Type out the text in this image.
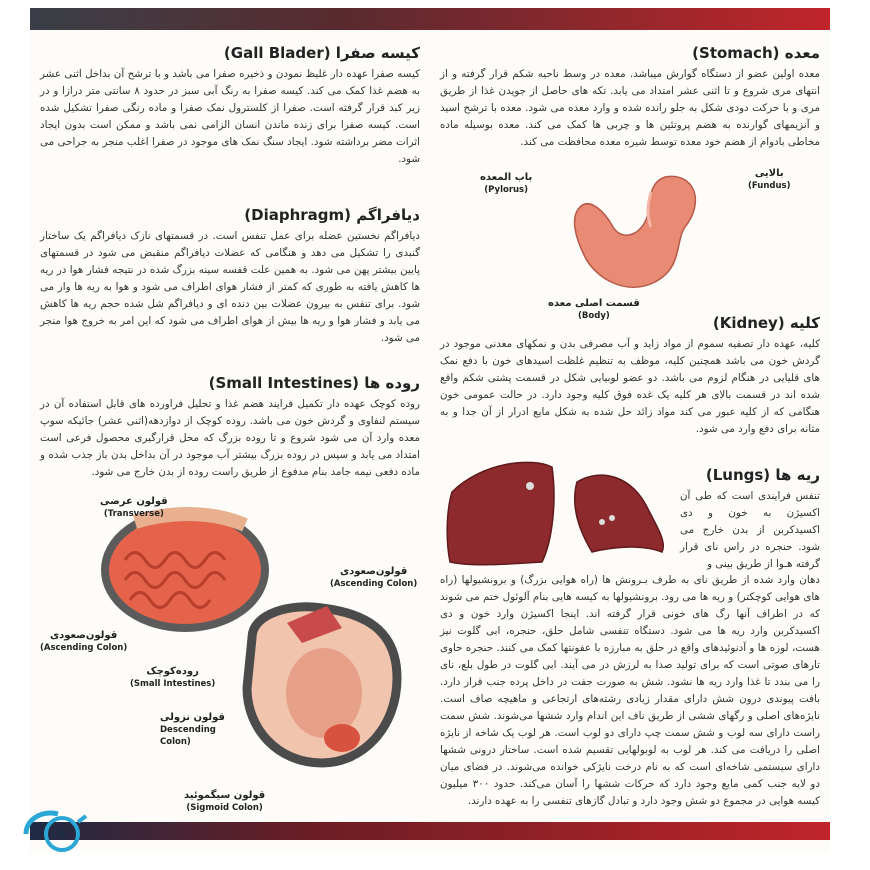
کیسه صفرا (Gall Blader)

کیسه صفرا عهده دار غلیظ نمودن و ذخیره صفرا می باشد و با ترشح آن بداخل اثنی عشر به هضم غذا کمک می کند. کیسه صفرا به رنگ آبی سبز در حدود ۸ سانتی متر درازا و در زیر کبد قرار گرفته است. صفرا از کلسترول نمک صفرا و ماده رنگی صفرا تشکیل شده است. کیسه صفرا برای زنده ماندن انسان الزامی نمی باشد و ممکن است بدون ایجاد اثرات مضر برداشته شود. ایجاد سنگ نمک های موجود در صفرا اغلب منجر به جراحی می شود.

دیافراگم (Diaphragm)

دیافراگم نخستین عضله برای عمل تنفس است. در قسمتهای نازک دیافراگم یک ساختار گنبدی را تشکیل می دهد و هنگامی که عضلات دیافراگم منقبض می شود در قسمتهای پایین بیشتر پهن می شود. به همین علت قفسه سینه بزرگ شده در نتیجه فشار هوا در ریه ها کاهش یافته به طوری که کمتر از فشار هوای اطراف می شود و هوا به ریه ها وار می شود. برای تنفس به بیرون عضلات بین دنده ای و دیافراگم شل شده حجم ریه ها کاهش می یابد و فشار هوا و ریه ها بیش از هوای اطراف می شود که این امر به خروج هوا منجر می شود.

روده ها (Small Intestines)

روده کوچک عهده دار تکمیل فرایند هضم غذا و تحلیل فراورده های قابل استفاده آن در سیستم لنفاوی و گردش خون می باشد. روده کوچک از دوازدهه(اثنی عشر) جائیکه سوپ معده وارد آن می شود شروع و تا روده بزرگ که محل قرارگیری محصول فرعی است امتداد می یابد و سپس در روده بزرگ بیشتر آب موجود در آن بداخل بدن باز جذب شده و ماده دفعی نیمه جامد بنام مدفوع از طریق راست روده از بدن خارج می شود.

معده (Stomach)

معده اولین عضو از دستگاه گوارش میباشد. معده در وسط ناحیه شکم قرار گرفته و از انتهای مری شروع و تا اثنی عشر امتداد می یابد. تکه های حاصل از جویدن غذا از طریق مری و با حرکت دودی شکل به جلو رانده شده و وارد معده می شود. معده با ترشح اسید و آنزیمهای گوارنده به هضم پروتئین ها و چربی ها کمک می کند. معده بوسیله ماده مخاطی بادوام از هضم خود معده توسط شیره معده محافظت می کند.

باب المعده
(Pylorus)
بالایی
(Fundus)
قسمت اصلی معده
(Body)	کلیه (Kidney)

کلیه، عهده دار تصفیه سموم از مواد زاید و آب مصرفی بدن و نمکهای معدنی موجود در گردش خون می باشد همچنین کلیه، موظف به تنظیم غلظت اسیدهای خون با دفع نمک های قلیایی در هنگام لزوم می باشد. دو عضو لوبیایی شکل در قسمت پشتی شکم واقع شده اند در قسمت بالای هر کلیه یک غده فوق کلیه وجود دارد. در حالت عمومی خون هنگامی که از کلیه عبور می کند مواد زائد حل شده به شکل مایع ادرار از آن جدا و به مثانه برای دفع وارد می شود.

ریه ها (Lungs)

تنفس فرایندی است که طی آن اکسیژن به خون و دی اکسیدکربن از بدن خارج می شود. حنجره در راس نای قرار گرفته هـوا از طریق بینی و

دهان وارد شده از طریق نای به طرف بـرونش ها (راه هوایی بزرگ) و برونشیولها (راه های هوایی کوچکتر) و ریه ها می رود. برونشیولها به کیسه هایی بنام آلوئول ختم می شوند که در اطراف آنها رگ های خونی قرار گرفته اند. اینجا اکسیژن وارد خون و دی اکسیدکربن وارد ریه ها می شود. دستگاه تنفسی شامل حلق، حنجره، ابی گلوت نیز هست، لوزه ها و آدنوئیدهای واقع در حلق به مبارزه با عفونتها کمک می کنند. حنجره حاوی تارهای صوتی است که برای تولید صدا به لرزش در می آیند. ابی گلوت در طول بلع، نای را می بندد تا غذا وارد ریه ها نشود. شش به صورت جفت در داخل پرده جنب قرار دارد. بافت پیوندی درون شش دارای مقدار زیادی رشته‌های ارتجاعی و ماهیچه صاف است. نایژه‌های اصلی و رگهای ششی از طریق ناف این اندام وارد ششها می‌شوند. شش سمت راست دارای سه لوب و شش سمت چپ دارای دو لوب است. هر لوب یک شاخه از نایژه اصلی را دریافت می کند. هر لوب به لوبولهایی تقسیم شده است. ساختار درونی ششها دارای سیستمی شاخه‌ای است که به نام درخت نایژکی خوانده می‌شوند. در فضای میان دو لایه جنب کمی مایع وجود دارد که حرکات ششها را آسان می‌کند. حدود ۳۰۰ میلیون کیسه هوایی در مجموع دو شش وجود دارد و تبادل گازهای تنفسی را به عهده دارند.

قولون عرضی
(Transverse)
قولون‌صعودی
(Ascending Colon)
قولون‌صعودی
(Ascending Colon)
روده‌کوچک
(Small Intestines)
قولون نزولی
Descending
Colon)
قولون سیگموئید
(Sigmoid Colon)
